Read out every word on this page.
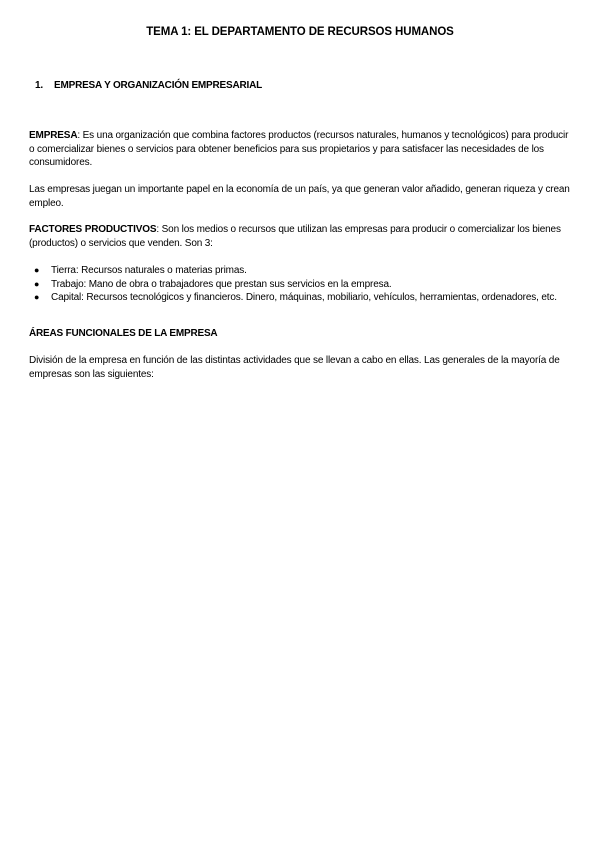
TEMA 1: EL DEPARTAMENTO DE RECURSOS HUMANOS
1. EMPRESA Y ORGANIZACIÓN EMPRESARIAL
EMPRESA: Es una organización que combina factores productos (recursos naturales, humanos y tecnológicos) para producir o comercializar bienes o servicios para obtener beneficios para sus propietarios y para satisfacer las necesidades de los consumidores.
Las empresas juegan un importante papel en la economía de un país, ya que generan valor añadido, generan riqueza y crean empleo.
FACTORES PRODUCTIVOS: Son los medios o recursos que utilizan las empresas para producir o comercializar los bienes (productos) o servicios que venden. Son 3:
● Tierra: Recursos naturales o materias primas.
● Trabajo: Mano de obra o trabajadores que prestan sus servicios en la empresa.
● Capital: Recursos tecnológicos y financieros. Dinero, máquinas, mobiliario, vehículos, herramientas, ordenadores, etc.
ÁREAS FUNCIONALES DE LA EMPRESA
División de la empresa en función de las distintas actividades que se llevan a cabo en ellas. Las generales de la mayoría de empresas son las siguientes:
